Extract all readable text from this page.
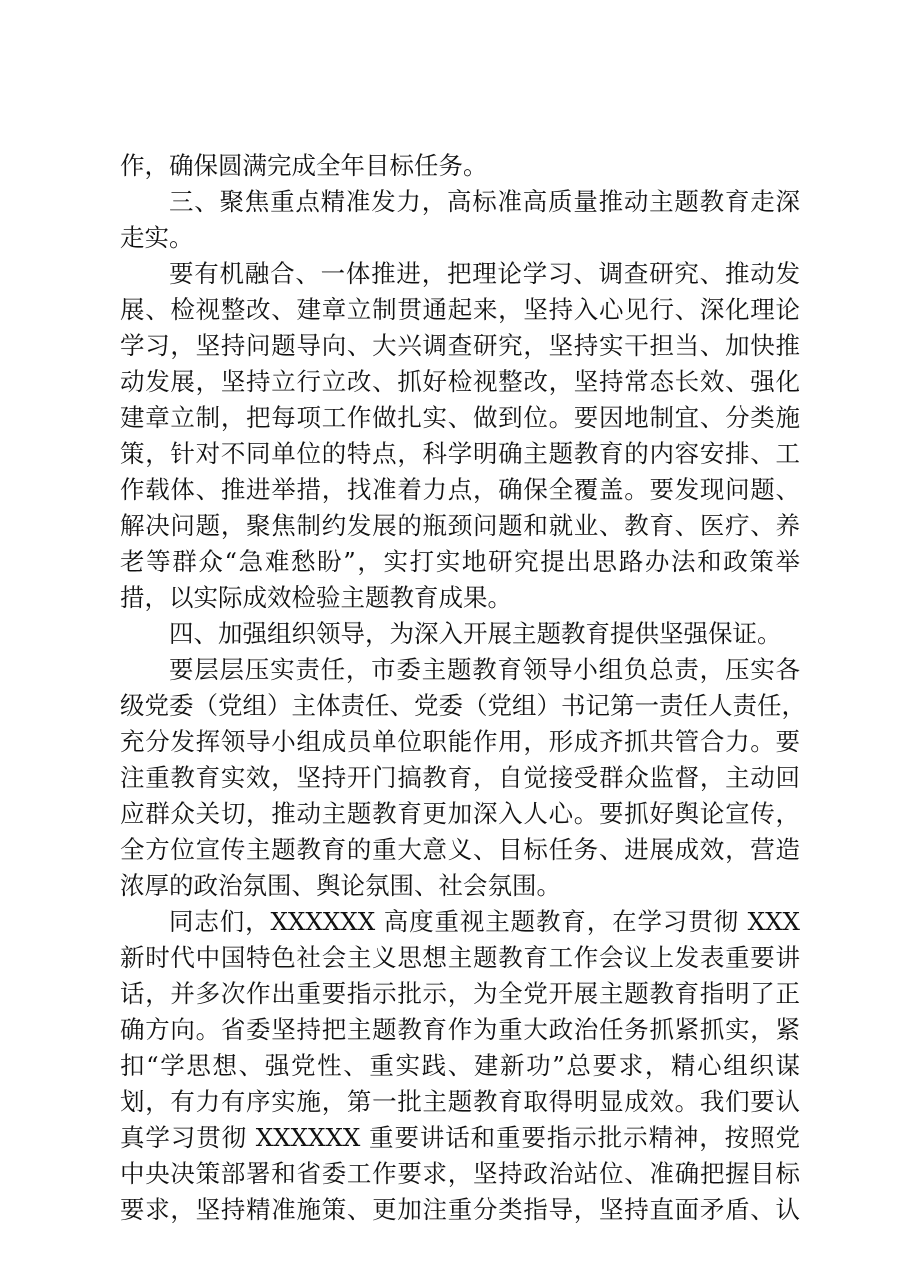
作，确保圆满完成全年目标任务。
三、聚焦重点精准发力，高标准高质量推动主题教育走深
走实。
要有机融合、一体推进，把理论学习、调查研究、推动发
展、检视整改、建章立制贯通起来，坚持入心见行、深化理论
学习，坚持问题导向、大兴调查研究，坚持实干担当、加快推
动发展，坚持立行立改、抓好检视整改，坚持常态长效、强化
建章立制，把每项工作做扎实、做到位。要因地制宜、分类施
策，针对不同单位的特点，科学明确主题教育的内容安排、工
作载体、推进举措，找准着力点，确保全覆盖。要发现问题、
解决问题，聚焦制约发展的瓶颈问题和就业、教育、医疗、养
老等群众“急难愁盼”，实打实地研究提出思路办法和政策举
措，以实际成效检验主题教育成果。
四、加强组织领导，为深入开展主题教育提供坚强保证。
要层层压实责任，市委主题教育领导小组负总责，压实各
级党委（党组）主体责任、党委（党组）书记第一责任人责任，
充分发挥领导小组成员单位职能作用，形成齐抓共管合力。要
注重教育实效，坚持开门搞教育，自觉接受群众监督，主动回
应群众关切，推动主题教育更加深入人心。要抓好舆论宣传，
全方位宣传主题教育的重大意义、目标任务、进展成效，营造
浓厚的政治氛围、舆论氛围、社会氛围。
同志们，XXXXXX 高度重视主题教育，在学习贯彻 XXX
新时代中国特色社会主义思想主题教育工作会议上发表重要讲
话，并多次作出重要指示批示，为全党开展主题教育指明了正
确方向。省委坚持把主题教育作为重大政治任务抓紧抓实，紧
扣“学思想、强党性、重实践、建新功”总要求，精心组织谋
划，有力有序实施，第一批主题教育取得明显成效。我们要认
真学习贯彻 XXXXXX 重要讲话和重要指示批示精神，按照党
中央决策部署和省委工作要求，坚持政治站位、准确把握目标
要求，坚持精准施策、更加注重分类指导，坚持直面矛盾、认
